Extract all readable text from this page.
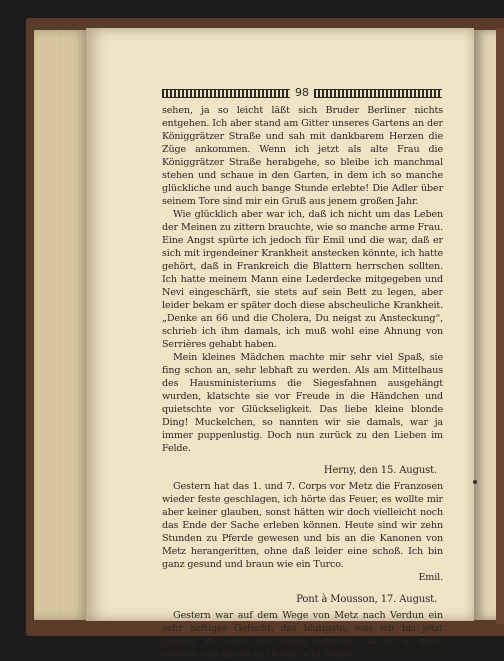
98

sehen, ja so leicht läßt sich Bruder Berliner nichts entgehen. Ich aber stand am Gitter unseres Gartens an der Königgrätzer Straße und sah mit dankbarem Herzen die Züge ankommen. Wenn ich jetzt als alte Frau die Königgrätzer Straße herabgehe, so bleibe ich manchmal stehen und schaue in den Garten, in dem ich so manche glückliche und auch bange Stunde erlebte! Die Adler über seinem Tore sind mir ein Gruß aus jenem großen Jahr.

Wie glücklich aber war ich, daß ich nicht um das Leben der Meinen zu zittern brauchte, wie so manche arme Frau. Eine Angst spürte ich jedoch für Emil und die war, daß er sich mit irgendeiner Krankheit anstecken könnte, ich hatte gehört, daß in Frankreich die Blattern herrschen sollten. Ich hatte meinem Mann eine Lederdecke mitgegeben und Nevi eingeschärft, sie stets auf sein Bett zu legen, aber leider bekam er später doch diese abscheuliche Krankheit. „Denke an 66 und die Cholera, Du neigst zu Ansteckung“, schrieb ich ihm damals, ich muß wohl eine Ahnung von Serrières gehabt haben.

Mein kleines Mädchen machte mir sehr viel Spaß, sie fing schon an, sehr lebhaft zu werden. Als am Mittelhaus des Hausministeriums die Siegesfahnen ausgehängt wurden, klatschte sie vor Freude in die Händchen und quietschte vor Glückseligkeit. Das liebe kleine blonde Ding! Muckelchen, so nannten wir sie damals, war ja immer puppenlustig. Doch nun zurück zu den Lieben im Felde.

Herny, den 15. August.

Gestern hat das 1. und 7. Corps vor Metz die Franzosen wieder feste geschlagen, ich hörte das Feuer, es wollte mir aber keiner glauben, sonst hätten wir doch vielleicht noch das Ende der Sache erleben können. Heute sind wir zehn Stunden zu Pferde gewesen und bis an die Kanonen von Metz herangeritten, ohne daß leider eine schoß. Ich bin ganz gesund und braun wie ein Turco.

Emil.
Pont à Mousson, 17. August.

Gestern war auf dem Wege von Metz nach Verdun ein sehr heftiges Gefecht, das blutigste, was wir bis jetzt gehabt. Wir sind nicht dabei gewesen, da wir es nicht wußten und da wir in Herny, acht Meilen
